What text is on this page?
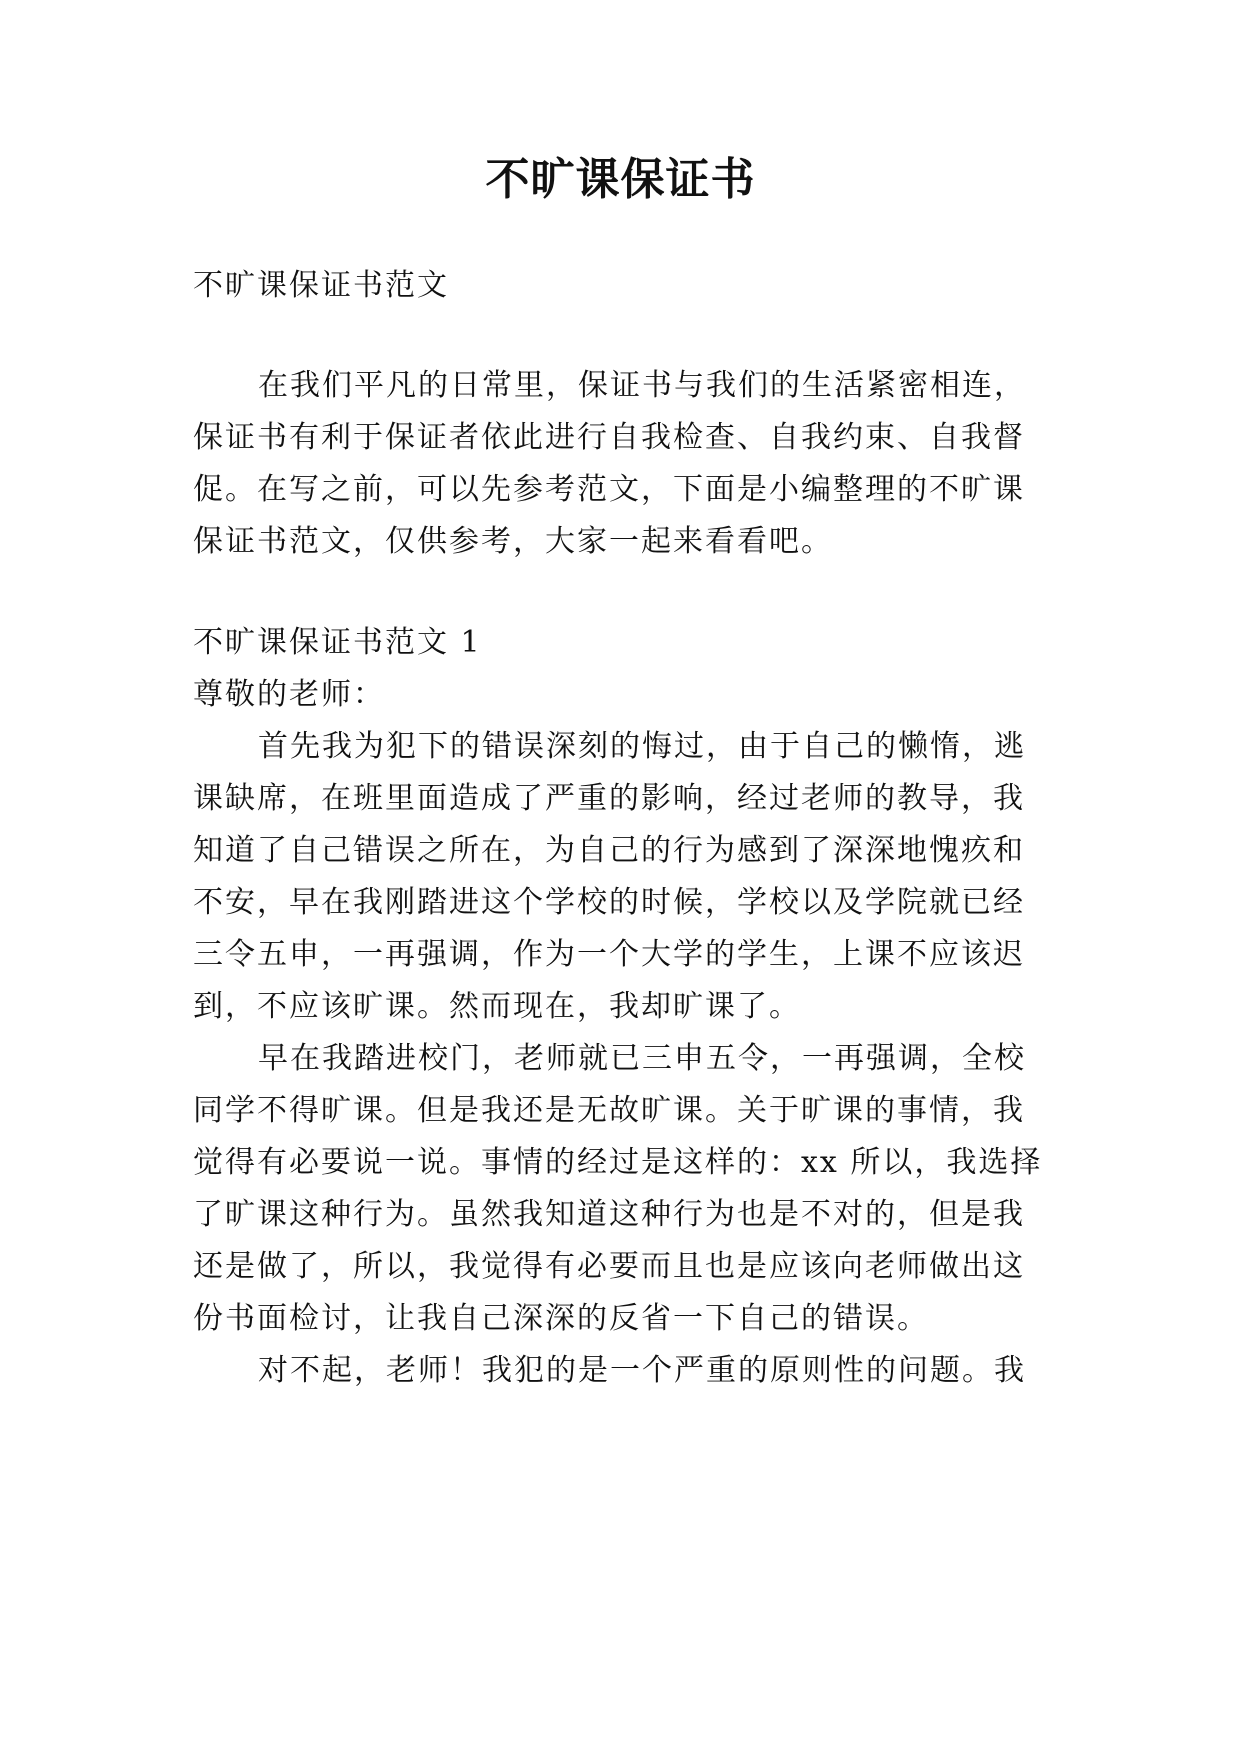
不旷课保证书

不旷课保证书范文

在我们平凡的日常里，保证书与我们的生活紧密相连，

保证书有利于保证者依此进行自我检查、自我约束、自我督

促。在写之前，可以先参考范文，下面是小编整理的不旷课

保证书范文，仅供参考，大家一起来看看吧。

不旷课保证书范文 1

尊敬的老师：

首先我为犯下的错误深刻的悔过，由于自己的懒惰，逃

课缺席，在班里面造成了严重的影响，经过老师的教导，我

知道了自己错误之所在，为自己的行为感到了深深地愧疚和

不安，早在我刚踏进这个学校的时候，学校以及学院就已经

三令五申，一再强调，作为一个大学的学生，上课不应该迟

到，不应该旷课。然而现在，我却旷课了。

早在我踏进校门，老师就已三申五令，一再强调，全校

同学不得旷课。但是我还是无故旷课。关于旷课的事情，我

觉得有必要说一说。事情的经过是这样的：xx 所以，我选择

了旷课这种行为。虽然我知道这种行为也是不对的，但是我

还是做了，所以，我觉得有必要而且也是应该向老师做出这

份书面检讨，让我自己深深的反省一下自己的错误。

对不起，老师！我犯的是一个严重的原则性的问题。我
